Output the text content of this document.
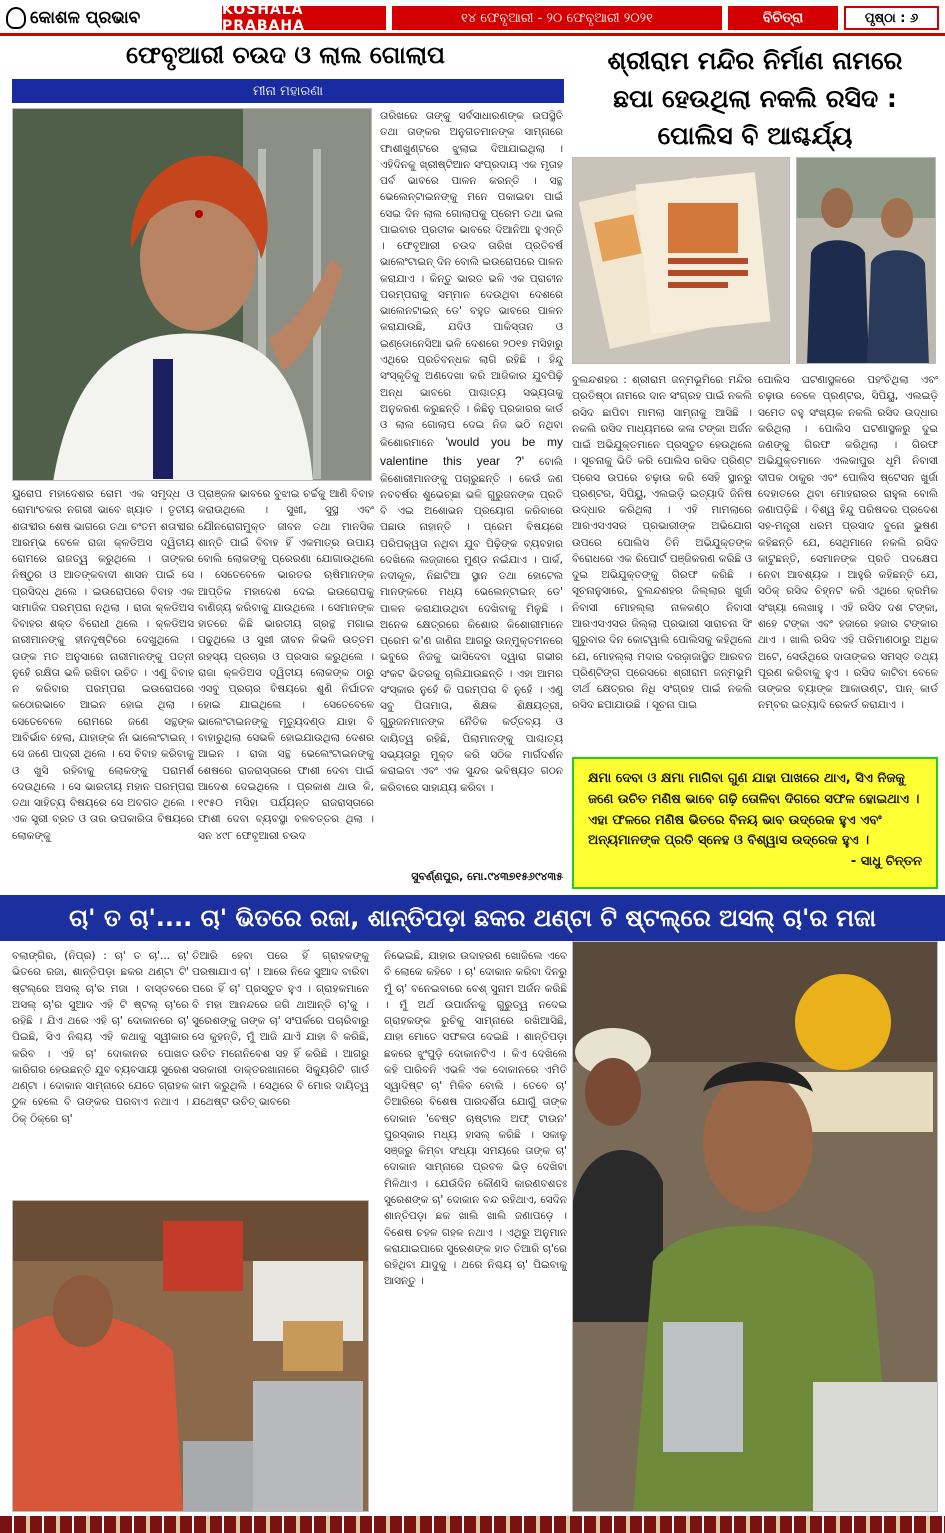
କୋଶଳ ପ୍ରଭାବ	KOSHALA PRABAHA	୧୪ ଫେବୃଆରୀ - ୨୦ ଫେବୃଆରୀ ୨୦୨୧	ବିଚିତ୍ରା	ପୃଷ୍ଠା : ୬
ଫେବୃଆରୀ ଚଉଦ ଓ ଲାଲ ଗୋଲାପ
ମୀନା ମହାରଣା
ୟୁରୋପ ମହାଦେଶର ରୋମ ଏକ ସମୃଦ୍ଧ ଓ ରୋମାଂଚକର ନଗରୀ ଭାବେ ଖ୍ୟାତ । ତୃତୀୟ ଶତାବ୍ଦୀର ଶେଷ ଭାଗରେ ତଥା ଚଂତମ ଶତାବ୍ଦୀର ଆରମ୍ଭ ବେଳେ ରାଜା କ୍ଳଡିଅସ ଦ୍ୱିତୀୟ ରୋମରେ ରାଜତ୍ୱ କରୁଥିଲେ । ତାଙ୍କର ନିଷ୍ଠୁର ଓ ଆତଙ୍କବାଦୀ ଶାସନ ପାଇଁ ସେ ପ୍ରସିଦ୍ଧ ଥିଲେ । ଇଉରୋପରେ ବିବାହ ଏକ ସାମାଜିକ ପରମ୍ପରା ନଥିଲା । ରାଜା କ୍ଳଡିଅସ ବିବାହର ଶକ୍ତ ବିରୋଧୀ ଥିଲେ । କ୍ଳଡିଅସ ନାରୀମାନଙ୍କୁ ହୀନଦୃଷ୍ଟିରେ ଦେଖୁଥିଲେ । ତାଙ୍କ ମତ ଅନୁସାରେ ନାରୀମାନଙ୍କୁ ପତ୍ନୀ ନୁହେଁ ରକ୍ଷିତା ଭଳି ରଖିବା ଉଚିତ । ଏଣୁ ବିବାହ ନ କରିବାର ପରମ୍ପରା ଇଉରୋପରେ କଠୋରଭାବେ ଆଇନ ହୋଇ ଥିଲା । ସେତେବେଳେ ରୋମରେ ଜଣେ ସନ୍ଥଙ୍କ ଆବିର୍ଭାବ ହେଲା, ଯାହାଙ୍କ ନାଁ ଭାଲେଂଟାଇନ୍ । ସେ ଜଣେ ପାଦ୍ରୀ ଥିଲେ । ସେ ବିବାହ କରିବାକୁ ଓ ଖୁସି ରହିବାକୁ ଲୋକଙ୍କୁ ପରାମର୍ଶ ଦେଉଥିଲେ । ସେ ଭାରତୀୟ ମହାନ ପରମ୍ପରା ତଥା ସାହିତ୍ୟ ବିଷୟରେ ସେ ଅବଗତ ଥିଲେ । ଏକ ସ୍ତ୍ରୀ ବ୍ରତ ଓ ତାର ଉପକାରିତା ବିଷୟରେ ଲୋକଙ୍କୁ
ପ୍ରାଞ୍ଜଳ ଭାବରେ ବୁଝାଇ ଚର୍ଚ୍ଚକୁ ଆଣି ବିବାହ କରାଉଥିଲେ । ସୁଖୀ, ସୁସ୍ଥ ଏବଂ ଯୌନରୋଗମୁକ୍ତ ଜୀବନ ତଥା ମାନସିକ ଶାନ୍ତି ପାଇଁ ବିବାହ ହିଁ ଏକମାତ୍ର ଉପାୟ ବୋଲି ଲୋକଙ୍କୁ ପ୍ରେରଣା ଯୋଗାଉଥିଲେ । ସେତେବେଳେ ଭାରତର ଋଷିମାନଙ୍କ ଆପ୍ତିକ ମହାଦେଶ ଦେଇ ଇଉରୋପକୁ ବାଣିଜ୍ୟ କରିବାକୁ ଯାଉଥିଲେ । ସେମାନଙ୍କ ହାତରେ କିଛି ଭାରତୀୟ ଗ୍ରନ୍ଥ ମଗାଇ ପଢୁଥିଲେ ଓ ସୁଖୀ ଜୀବନ କିଭଳି ଉତ୍ତମ ରହସ୍ୟ ପ୍ରଚାର ଓ ପ୍ରସାର କରୁଥିଲେ । ରାଜା କ୍ଳଡିଅସ ଦ୍ୱିତୀୟ ଲୋକଙ୍କ ଠାରୁ ଏସବୁ ପ୍ରଚାର ବିଷୟରେ ଶୁଣି ନିର୍ଘାତନ ହୋଇ ଯାଇଥିଲେ । ସେତେବେଳେ ଭାଲେଂଟାଇନଙ୍କୁ ମୃତ୍ୟୁଦଣ୍ଡ ଯାହା ବି ବାହାରୁଥିଲା ସେଭଳି ହୋଇଯାଉଥିଲା ଦେଶର ଆଇନ । ରାଜା ସନ୍ଥ ଭେଲେଂଟାଇନଙ୍କୁ ଶେଷରେ ରାଜରାସ୍ତାରେ ଫାଶୀ ଦେବା ପାଇଁ ଆଦେଶ ଦେଇଥିଲେ । ପ୍ରକାଶ ଥାଉ କି, ୧୯୫୦ ମସିହା ପର୍ଯ୍ୟନ୍ତ ରାଜରାସ୍ତାରେ ଫାଶୀ ଦେବା ବ୍ୟବସ୍ଥା ବଳବତ୍ତର ଥିଲା । ସନ ୪୯୮ ଫେବୃଆରୀ ଚଉଦ
ତାରିଖରେ ତାଙ୍କୁ ସର୍ବସାଧାରଣଙ୍କ ଉପସ୍ଥିତି ତଥା ତାଙ୍କର ଅନୁଗତମାନଙ୍କ ସାମ୍ନାରେ ଫାଶୀଖୁଣ୍ଟରେ ଝୁଲାଇ ଦିଆଯାଇଥିଲା । ଏହିଦିନକୁ ଖ୍ରୀଷ୍ଟିଆନ ସଂପ୍ରଦାୟ ଏକ ମୃତାହ ପର୍ବ ଭାବରେ ପାଳନ କରନ୍ତି । ସନ୍ଥ ଭେଲେନ୍ଟାଇନଙ୍କୁ ମନେ ପକାଇବା ପାଇଁ ସେଇ ଦିନ ଲାଲ ଗୋଲାପକୁ ପ୍ରେମ ତଥା ଭଲ ପାଇବାର ପ୍ରତୀକ ଭାବରେ ଦିଆନିଆ ହୁଏନ୍ତି । ଫେବୃଆରୀ ଚଉଦ ତାରିଖ ପ୍ରତିବର୍ଷ ଭାଲେଂଟାଇନ୍ ଦିନ ବୋଲି ଇଉରୋପରେ ପାଳନ କରାଯାଏ । କିନ୍ତୁ ଭାରତ ଭଳି ଏକ ପ୍ରାଚୀନ ପରମ୍ପରାକୁ ସମ୍ମାନ ଦେଉଥିବା ଦେଶରେ ଭାଲେନଟାଇନ୍ ଡେ' ବହୁତ ଭାବରେ ପାଳନ କରାଯାଉଛି, ଯଦିଓ ପାକିସ୍ତାନ ଓ ଇଣ୍ଡୋନେସିଆ ଭଳି ଦେଶରେ ୨୦୧୭ ମସିହାରୁ ଏଥିରେ ପ୍ରତିବନ୍ଧକ ଲାଗି ରହିଛି । ହିନ୍ଦୁ ସଂସ୍କୃତିକୁ ଅଣଦେଖା କରି ଆଜିକାର ଯୁବପିଢ଼ି ଅନ୍ଧ ଭାବରେ ପାଶ୍ଚାତ୍ୟ ସଭ୍ୟତାକୁ ଅନୁକରଣ କରୁଛନ୍ତି । କିଛିନୁ ପ୍ରକାରର କାର୍ଡ ଓ ଲାଲ ଗୋଲାପ ଦେଇ ନିଜ ଭଠି ନଥିବା କିଶୋରମାନେ 'would you be my valentine this year ?' ବୋଲି କିଶୋରୀମାନଙ୍କୁ ପଚାରୁଛନ୍ତି । କେଉଁ ଜଣ ନବବର୍ଷର ଶୁଭେଚ୍ଛା ଭଳି ଗୁରୁଜନଙ୍କ ପ୍ରତି ବି ଏଇ ଅଶୋଭନ ପ୍ରୟୋଗ କରିବାରେ ପଛାଉ ନାହାନ୍ତି । ପ୍ରେମ ବିଷୟରେ ପରିପକ୍ୱତା ନଥିବା ଯୁବ ପିଢ଼ିଙ୍କ ବ୍ୟବହାର ଦେଖିଲେ ଲଜ୍ଜାରେ ମୁଣ୍ଡ ନଇଁଯାଏ । ପାର୍କ, ନଦୀକୂଳ, ନିଛାଟିଆ ସ୍ଥାନ ତଥା ହୋଟେଲ ମାନଙ୍କରେ ମଧ୍ୟ ଭେଲେନ୍ଟାଇନ୍ ଡେ' ପାଳନ କରାଯାଉଥିବା ଦେଖିବାକୁ ମିଳୁଛି । ଅନେକ କ୍ଷେତ୍ରରେ କିଶୋର କିଶୋରୀମାନେ ପ୍ରେମ କ'ଣ ଜାଣିନା ଆଗରୁ ଉନ୍ମୁକ୍ତମନରେ ଭବୁରେ ନିଜକୁ ଭାସିଦେବା ଦ୍ୱାରା ଗଭୀର ସଂକଟ ଭିତରକୁ ଚାଲିଯାଉଛନ୍ତି । ଏହା ଆମର ସଂସ୍କାର ନୁହେଁ କି ପରମ୍ପରା ବି ନୁହେଁ । ଏଣୁ ସବୁ ପିତାମାତା, ଶିକ୍ଷକ ଶିକ୍ଷୟତ୍ରୀ, ଗୁରୁଜନମାନଙ୍କ ନୈତିକ କର୍ତ୍ତବ୍ୟ ଓ ଦାୟିତ୍ୱ ରହିଛି, ପିଲାମାନଙ୍କୁ ପାଶ୍ଚାତ୍ୟ ସଭ୍ୟତାରୁ ମୁକ୍ତ କରି ସଠିକ ମାର୍ଗଦର୍ଶନ କରାଇବା ଏବଂ ଏକ ସୁନ୍ଦର ଭବିଷ୍ୟତ ଗଠନ କରିବାରେ ସାହାଯ୍ୟ କରିବା ।
ସୁବର୍ଣ୍ଣପୁର, ମୋ.୯୪୩୭୧୫୬୯୪୩୫
ଶ୍ରୀରାମ ମନ୍ଦିର ନିର୍ମାଣ ନାମରେ
ଛପା ହେଉଥିଲା ନକଲି ରସିଦ :
ପୋଲିସ ବି ଆଶ୍ଚର୍ଯ୍ୟ
ବୁଲନ୍ଦଶହର : ଶ୍ରୀରାମ ଜନ୍ମଭୂମିରେ ମନ୍ଦିର ପ୍ରତିଷ୍ଠା ନାମରେ ଦାନ ସଂଗ୍ରହ ପାଇଁ ନକଲି ରସିଦ ଛାପିବା ମାମଲା ସାମ୍ନାକୁ ଆସିଛି । ନକଲି ରସିଦ ମାଧ୍ୟମରେ କଳା ଟଙ୍କା ଅର୍ଜନ ପାଇଁ ଅଭିଯୁକ୍ତମାନେ ପ୍ରସ୍ତୁତ ହେଉଥିଲେ । ସୂଚନାକୁ ଭିତି କରି ପୋଲିସ ରସିଦ ପ୍ରିଣ୍ଟ ପ୍ରେସ ଉପରେ ଚଢ଼ାଉ କରି ସେହି ସ୍ଥାନରୁ ପ୍ରଣ୍ଟର, ସିପିୟୁ, ଏଲଇଡ଼ି ଇତ୍ୟାଦି ଜିନିଷ ଉଦ୍ଧାର କରିଥିଲା । ଏହି ମାମଲାରେ ଆରଏସଏସର ପ୍ରଭାରୀଙ୍କ ଅଭିଯୋଗ ଉପରେ ପୋଲିସ ତିନି ଅଭିଯୁକ୍ତଙ୍କ ବିରୋଧରେ ଏକ ରିପୋର୍ଟ ପଞ୍ଜିକରଣ କରିଛି ଓ ଦୁଇ ଅଭିଯୁକ୍ତଙ୍କୁ ଗିରଫ କରିଛି । ସୂଚନାନୁସାରେ, ବୁଲନ୍ଦଶହର ଜିଲ୍ଲାର ଖୁର୍ଜା ନିବାସୀ ମୋହଲ୍ଲା ନାଳକଣ୍ଠ ନିବାସୀ ଆରଏସଏସର ଜିଲ୍ଲା ପ୍ରଭାରୀ ସାରାଚନା ସିଂ ଗୁରୁବାର ଦିନ କୋଟୱାଲି ପୋଲିସକୁ କହିଥିଲେ ଯେ, ମୋହଲ୍ଲା ମଦାର ଦରଜ଼ାଜାସ୍ଥିତ ଆରବଜ ପ୍ରିଣ୍ଟିଙ୍ଗ ପ୍ରେସରେ ଶ୍ରୀରାମ ଜନ୍ମଭୂମି ତୀର୍ଥ କ୍ଷେତ୍ରର ନିଧି ସଂଗ୍ରହ ପାଇଁ ନକଲି ରସିଦ ଛପାଯାଉଛି । ସୂଚନା ପାଇ
ପୋଲିସ ଘଟଣାସ୍ଥଳରେ ପହଂଚିଥିଲା ଏବଂ ଚଢ଼ାଉ ବେଳେ ପ୍ରଣ୍ଟର, ସିପିୟୁ, ଏଲଇଡ଼ି ସମେତ ବହୁ ସଂଖ୍ୟକ ନକଲି ରସିଦ ଉଦ୍ଧାର କରିଥିଲା । ପୋଲିସ ଘଟଣାସ୍ଥଳରୁ ଦୁଇ ଜଣଙ୍କୁ ଗିରଫ କରିଥିଲା । ଗିରଫ ଅଭିଯୁକ୍ତମାନେ ଏଲକାପୁର ଧୃମି ନିବାସୀ ଦୀପକ ଠାକୁର ଏବଂ ପୋଲିସ ଷ୍ଟେସନ ଖୁର୍ଜା ଦେହାତରେ ଥିବା ମୋହରାରର ରାହୁଲ ବୋଲି ଜଣାପଡ଼ିଛି । ବିଶ୍ୱ ହିନ୍ଦୁ ପରିଷଦର ପ୍ରଦେଶ ସହ-ମନ୍ତ୍ରୀ ଧରମ ପ୍ରସାଦ ବୁନୋ ଭୁଷଣ କହିଛନ୍ତି ଯେ, ସେଥିମାନେ ନକଲି ରସିଦ କାଟୁଛନ୍ତି, ସେମାନଙ୍କ ପ୍ରତି ପଦକ୍ଷେପ ନେବା ଆବଶ୍ୟକ । ଆହୁରି କହିଛନ୍ତି ଯେ, ସଠିକ୍ ରସିଦ ଚିହ୍ନଟ କରି ଏଥିରେ କ୍ରମିକ ସଂଖ୍ୟା ଲେଖାହୁ । ଏହି ରସିଦ ଦଶ ଟଙ୍କା, ଶହେ ଟଙ୍କା ଏବଂ ହଜାରେ ହଜାର ଟଙ୍କାର ଥାଏ । ଖାଲି ରସିଦ ଏହି ପରିମାଣଠାରୁ ଅଧିକ ଅଟେ, ସେଉଁଥିରେ ଦାତାଙ୍କର ସମସ୍ତ ତଥ୍ୟ ପୂରଣ କରିବାକୁ ହୁଏ । ରସିଦ କାଟିବା ବେଳେ ତାଙ୍କର ବ୍ୟାଙ୍କ ଆକାଉଣ୍ଟ, ପାନ୍ କାର୍ଡ ନମ୍ବର ଇତ୍ୟାଦି ରେକର୍ଡ କରାଯାଏ ।
କ୍ଷମା ଦେବା ଓ କ୍ଷମା ମାଗିବା ଗୁଣ ଯାହା ପାଖରେ ଥାଏ, ସିଏ ନିଜକୁ ଜଣେ ଉଚିତ ମଣିଷ ଭାବେ ଗଢ଼ି ତୋଳିବା ଦିଗରେ ସଫଳ ହୋଇଥାଏ । ଏହା ଫଳରେ ମଣିଷ ଭିତରେ ବିନୟ ଭାବ ଉଦ୍ରେକ ହୁଏ ଏବଂ ଅନ୍ୟମାନଙ୍କ ପ୍ରତି ସ୍ନେହ ଓ ବିଶ୍ୱାସ ଉଦ୍ରେକ ହୁଏ ।
- ସାଧୁ ଚିନ୍ତନ
ଚା' ତ ଚା'.... ଚା' ଭିତରେ ରଜା, ଶାନ୍ତିପଡ଼ା ଛକର ଥଣ୍ଟା ଟି ଷ୍ଟଲ୍‌ରେ ଅସଲ୍ ଚା'ର ମଜା
ବଲାଙ୍ଗିର, (ନିପ୍ର) : ଚା' ତ ଚା'... ଚା' ଭିତରେ ରଜା, ଶାନ୍ତିପଡ଼ା ଛକର ଥଣ୍ଟା ଟି' ଷ୍ଟଲ୍‌ରେ ଅସଲ୍ ଚା'ର ମଜା । ବାସ୍ତବରେ ଅସଲ୍ ଚା'ର ସୁଆଦ ଏହି ଟି ଷ୍ଟଲ୍ ଚା'ରେ ରହିଛି । ଯିଏ ଥରେ ଏହି ଚା' ଦୋକାନରେ ଚା' ପିଇଛି, ସିଏ ନିଶ୍ଚୟ ଏହି କଥାକୁ ସ୍ୱୀକାର କରିବ । ଏହି ଚା' ଦୋକାନର ପୋଖତ କାରିଗର ହେଉଛନ୍ତି ଯୁବ ବ୍ୟବସାୟୀ ସୁରେଶ ଥଣ୍ଟା । ଦୋକାନ ସାମ୍ନାରେ ଯେତେ ଗ୍ରାହକ ଠୁଳ ହେଲେ ବି ତାଙ୍କର ପରବାଏ ନଥାଏ । ଠିକ୍ ଠିକ୍‌ରେ ଚା'
ତିଆରି ହେବା ପରେ ହିଁ ଗ୍ରାହକଙ୍କୁ ପରଷାଯାଏ ଚା' । ଆରେ ନିଜେ ସୁଆଦ ବାରିବା ପରେ ହିଁ ଚା' ପ୍ରସ୍ତୁତ ହୁଏ । ଗ୍ରାହକମାନେ ବି ମହା ଆନନ୍ଦରେ ଜଗି ଥାଆନ୍ତି ଚା'କୁ । ସୁରେଶଙ୍କୁ ତାଙ୍କ ଚା' ସଂପର୍କରେ ପଚାରିବାରୁ ସେ କୁହନ୍ତି, ମୁଁ ଆଜି ଯାଏଁ ଯାହା ବି କରିଛି, ଉଚିତ ମନୋନିବେଶ ସହ ହିଁ କରିଛି । ଆଗରୁ ସରକାରୀ ଡାକ୍ତରଖାନାରେ ସିକ୍ୟୁରିଟି ଗାର୍ଡ କାମ କରୁଥିଲି । ସେଥିରେ ବି ମୋର ଦାୟିତ୍ୱ ଯଥେଷ୍ଟ ଉଚିତ୍ ଭାବରେ
ନିଭେଇଛି, ଯାହାର ଉଦାହରଣ ଖୋଜିଲେ ଏବେ ବି ଲୋକେ କହିବେ । ଚା' ଦୋକାନ କରିବା ଦିନରୁ ମୁଁ ଚା' ବନେଇବାରେ ବେଶ୍ ସୁନାମ ଅର୍ଜନ କରିଛି । ମୁଁ ଅର୍ଥ ଉପାର୍ଜନକୁ ଗୁରୁତ୍ୱ ନଦେଇ ଗ୍ରାହକଙ୍କ ରୁଚିକୁ ସାମ୍ନାରେ ରଖିଆସିଛି, ଯାହା ମୋତେ ସଫଳତା ଦେଇଛି । ଶାନ୍ତିପଡ଼ା ଛକରେ ଝୁଂପୁଡ଼ି ଦୋକାନଟିଏ । କିଏ ଦେଖିଲେ କହି ପାରିବନି ଏଭଳି ଏକ ଦୋକାନରେ ଏମିତି ସ୍ୱାଦିଷ୍ଟ ଚା' ମିଳିବ ବୋଲି । ତେବେ ଚା' ତିଆରିରେ ବିଶେଷ ପାରଦର୍ଶିତା ଯୋଗୁଁ ତାଙ୍କ ଦୋକାନ 'ବେଷ୍ଟ ଚାଷ୍ଟାଲ ଅଫ୍ ଟାଉନ' ପୁରସ୍କାର ମଧ୍ୟ ହାସଲ୍ କରିଛି । ସକାଳୁ ସଞ୍ଜରୁ କିମ୍ବା ସଂଧ୍ୟା ସମୟରେ ତାଙ୍କ ଚା' ଦୋକାନ ସାମ୍ନାରେ ପ୍ରବଳ ଭିଡ଼ ଦେଖିବା ମିଳିଥାଏ । ଯେଉଁଦିନ କୌଣସି କାରଣବଶତଃ ସୁରେଶଙ୍କ ଚା' ଦୋକାନ ବନ୍ଦ ରହିଥାଏ, ସେଦିନ ଶାନ୍ତିପଡ଼ା ଛକ ଖାଲି ଖାଲି ଜଣାପଡ଼େ । ବିଶେଷ ଚହଳ ଗହଳ ନଥାଏ । ଏଥିରୁ ଅନୁମାନ କରାଯାଇପାରେ ସୁରେଶଙ୍କ ହାତ ତିଆରି ଚା'ରେ ରହିଥିବା ଯାଦୁକୁ । ଥରେ ନିଶ୍ଚୟ ଚା' ପିଇବାକୁ ଆସନ୍ତୁ ।
